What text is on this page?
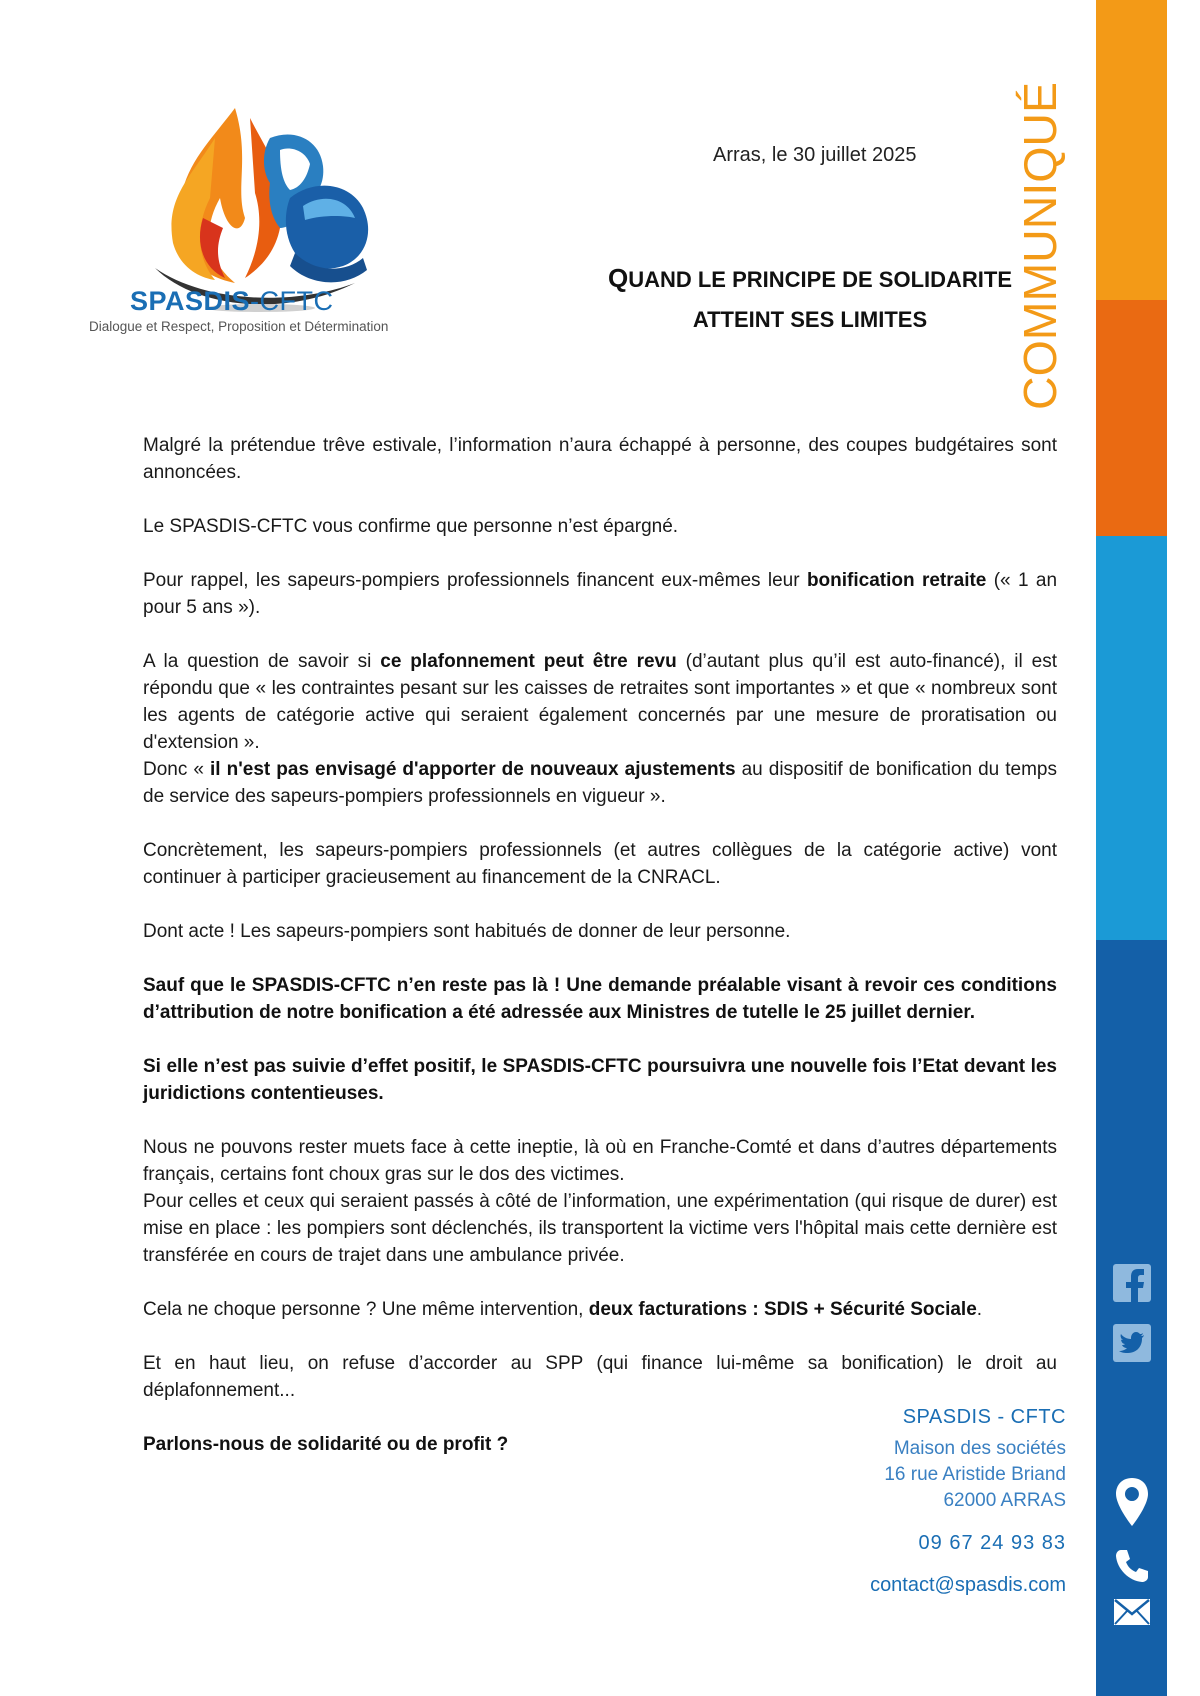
SPASDIS-CFTC
Dialogue et Respect, Proposition et Détermination
Arras, le 30 juillet 2025
QUAND LE PRINCIPE DE SOLIDARITE
ATTEINT SES LIMITES	COMMUNIQUÉ

Malgré la prétendue trêve estivale, l’information n’aura échappé à personne, des coupes budgétaires sont annoncées.

Le SPASDIS-CFTC vous confirme que personne n’est épargné.

Pour rappel, les sapeurs-pompiers professionnels financent eux-mêmes leur bonification retraite (« 1 an pour 5 ans »).

A la question de savoir si ce plafonnement peut être revu (d’autant plus qu’il est auto-financé), il est répondu que « les contraintes pesant sur les caisses de retraites sont importantes » et que « nombreux sont les agents de catégorie active qui seraient également concernés par une mesure de proratisation ou d'extension ».

Donc « il n'est pas envisagé d'apporter de nouveaux ajustements au dispositif de bonification du temps de service des sapeurs-pompiers professionnels en vigueur ».

Concrètement, les sapeurs-pompiers professionnels (et autres collègues de la catégorie active) vont continuer à participer gracieusement au financement de la CNRACL.

Dont acte ! Les sapeurs-pompiers sont habitués de donner de leur personne.

Sauf que le SPASDIS-CFTC n’en reste pas là ! Une demande préalable visant à revoir ces conditions d’attribution de notre bonification a été adressée aux Ministres de tutelle le 25 juillet dernier.

Si elle n’est pas suivie d’effet positif, le SPASDIS-CFTC poursuivra une nouvelle fois l’Etat devant les juridictions contentieuses.

Nous ne pouvons rester muets face à cette ineptie, là où en Franche-Comté et dans d’autres départements français, certains font choux gras sur le dos des victimes.

Pour celles et ceux qui seraient passés à côté de l’information, une expérimentation (qui risque de durer) est mise en place : les pompiers sont déclenchés, ils transportent la victime vers l'hôpital mais cette dernière est transférée en cours de trajet dans une ambulance privée.

Cela ne choque personne ? Une même intervention, deux facturations : SDIS + Sécurité Sociale.

Et en haut lieu, on refuse d’accorder au SPP (qui finance lui-même sa bonification) le droit au déplafonnement...

Parlons-nous de solidarité ou de profit ?

SPASDIS - CFTC
Maison des sociétés
16 rue Aristide Briand
62000 ARRAS
09 67 24 93 83
contact@spasdis.com
